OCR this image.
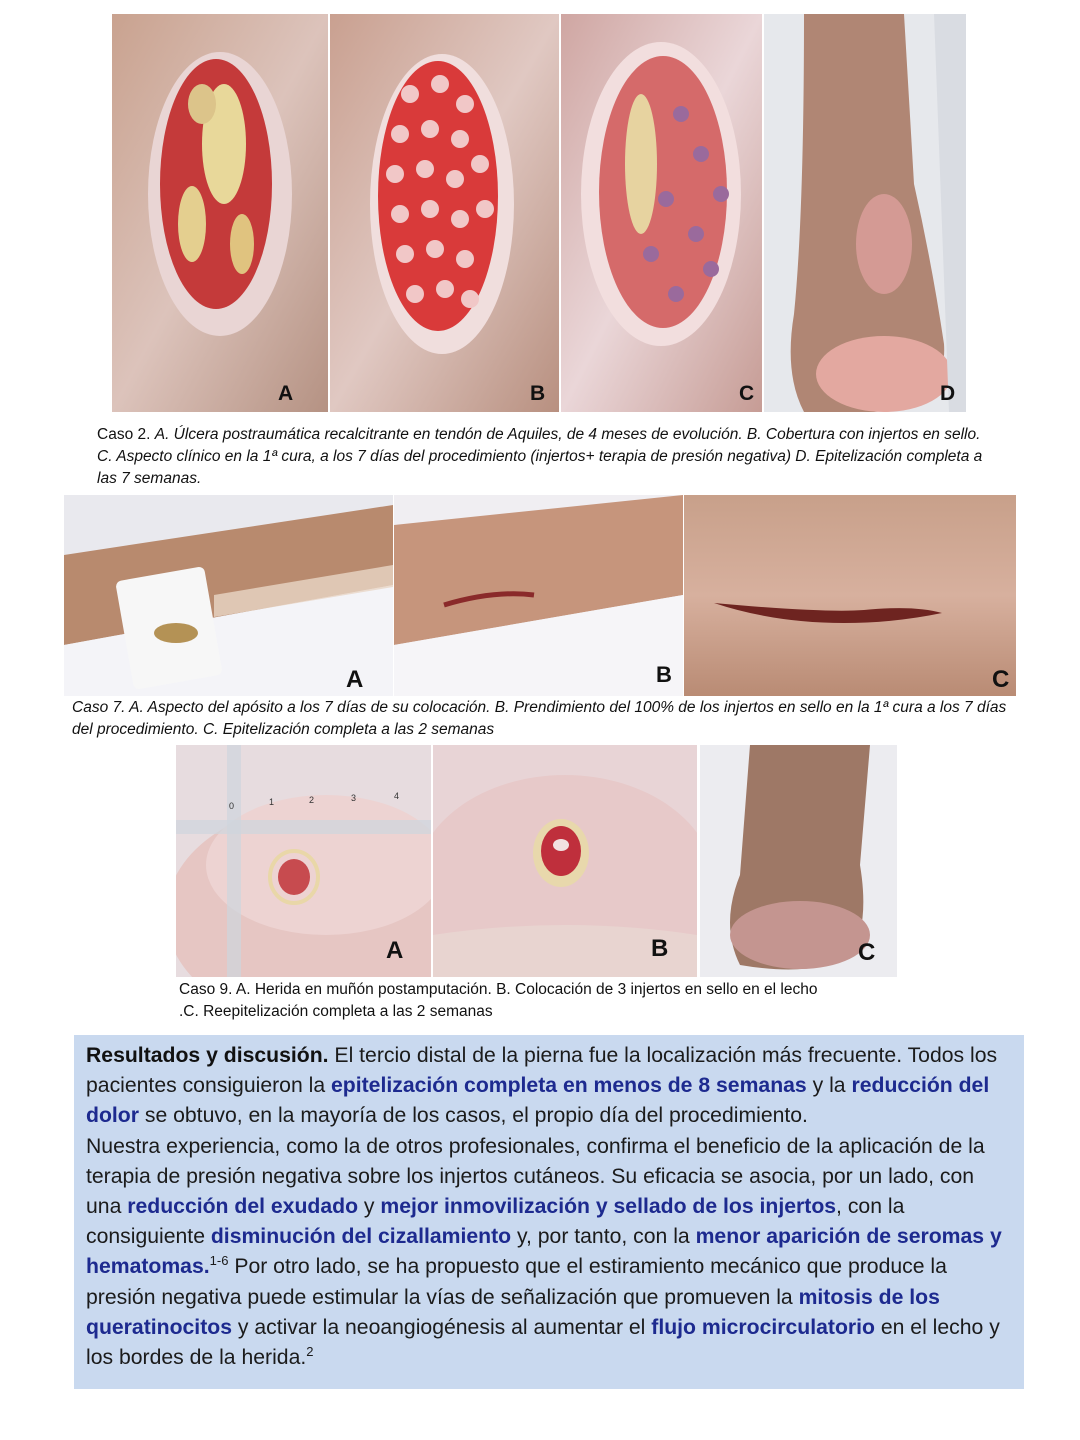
A	B	C	D
Caso 2. A. Úlcera postraumática recalcitrante en tendón de Aquiles, de 4 meses de evolución. B. Cobertura con injertos en sello. C. Aspecto clínico en la 1ª cura, a los 7 días del procedimiento (injertos+ terapia de presión negativa) D. Epitelización completa a las 7 semanas.
A	B	C
Caso 7. A. Aspecto del apósito a los 7 días de su colocación. B. Prendimiento del 100% de los injertos en sello en la 1ª cura a los 7 días del procedimiento. C. Epitelización completa a las 2 semanas
0	1	2	3	4
A	B	C
Caso 9. A. Herida en muñón postamputación. B. Colocación de 3 injertos en sello en el lecho
.C. Reepitelización completa a las 2 semanas

Resultados y discusión. El tercio distal de la pierna fue la localización más frecuente. Todos los pacientes consiguieron la epitelización completa en menos de 8 semanas y la reducción del dolor se obtuvo, en la mayoría de los casos, el propio día del procedimiento.

Nuestra experiencia, como la de otros profesionales, confirma el beneficio de la aplicación de la terapia de presión negativa sobre los injertos cutáneos. Su eficacia se asocia, por un lado, con una reducción del exudado y mejor inmovilización y sellado de los injertos, con la consiguiente disminución del cizallamiento y, por tanto, con la menor aparición de seromas y hematomas.$^{1-6}$ Por otro lado, se ha propuesto que el estiramiento mecánico que produce la presión negativa puede estimular la vías de señalización que promueven la mitosis de los queratinocitos y activar la neoangiogénesis al aumentar el flujo microcirculatorio en el lecho y los bordes de la herida.$^2$
